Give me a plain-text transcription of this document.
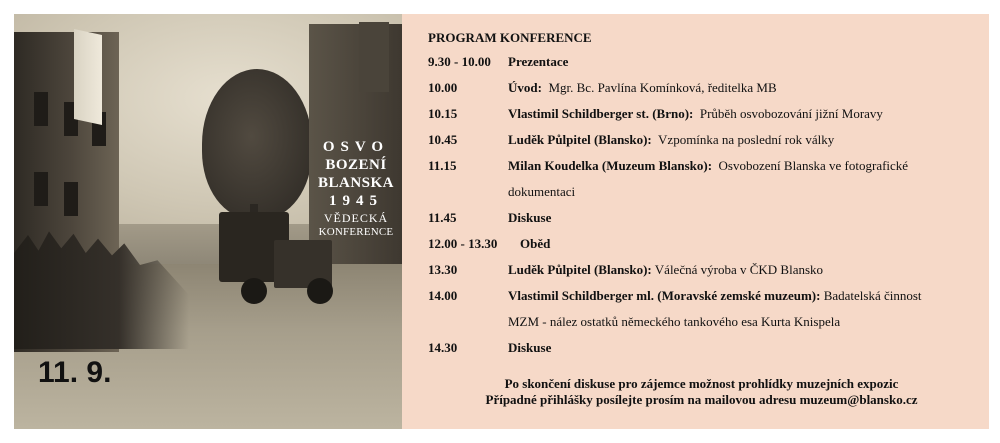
OSVO
BOZENÍ
BLANSKA
1945
VĚDECKÁ
KONFERENCE
11. 9.
PROGRAM KONFERENCE
9.30 - 10.00	Prezentace
10.00	Úvod: Mgr. Bc. Pavlína Komínková, ředitelka MB
10.15	Vlastimil Schildberger st. (Brno): Průběh osvobozování jižní Moravy
10.45	Luděk Půlpitel (Blansko): Vzpomínka na poslední rok války
11.15	Milan Koudelka (Muzeum Blansko): Osvobození Blanska ve fotografické
dokumentaci
11.45	Diskuse
12.00 - 13.30	Oběd
13.30	Luděk Půlpitel (Blansko): Válečná výroba v ČKD Blansko
14.00	Vlastimil Schildberger ml. (Moravské zemské muzeum): Badatelská činnost
MZM - nález ostatků německého tankového esa Kurta Knispela
14.30	Diskuse
Po skončení diskuse pro zájemce možnost prohlídky muzejních expozic
Případné přihlášky posílejte prosím na mailovou adresu muzeum@blansko.cz
